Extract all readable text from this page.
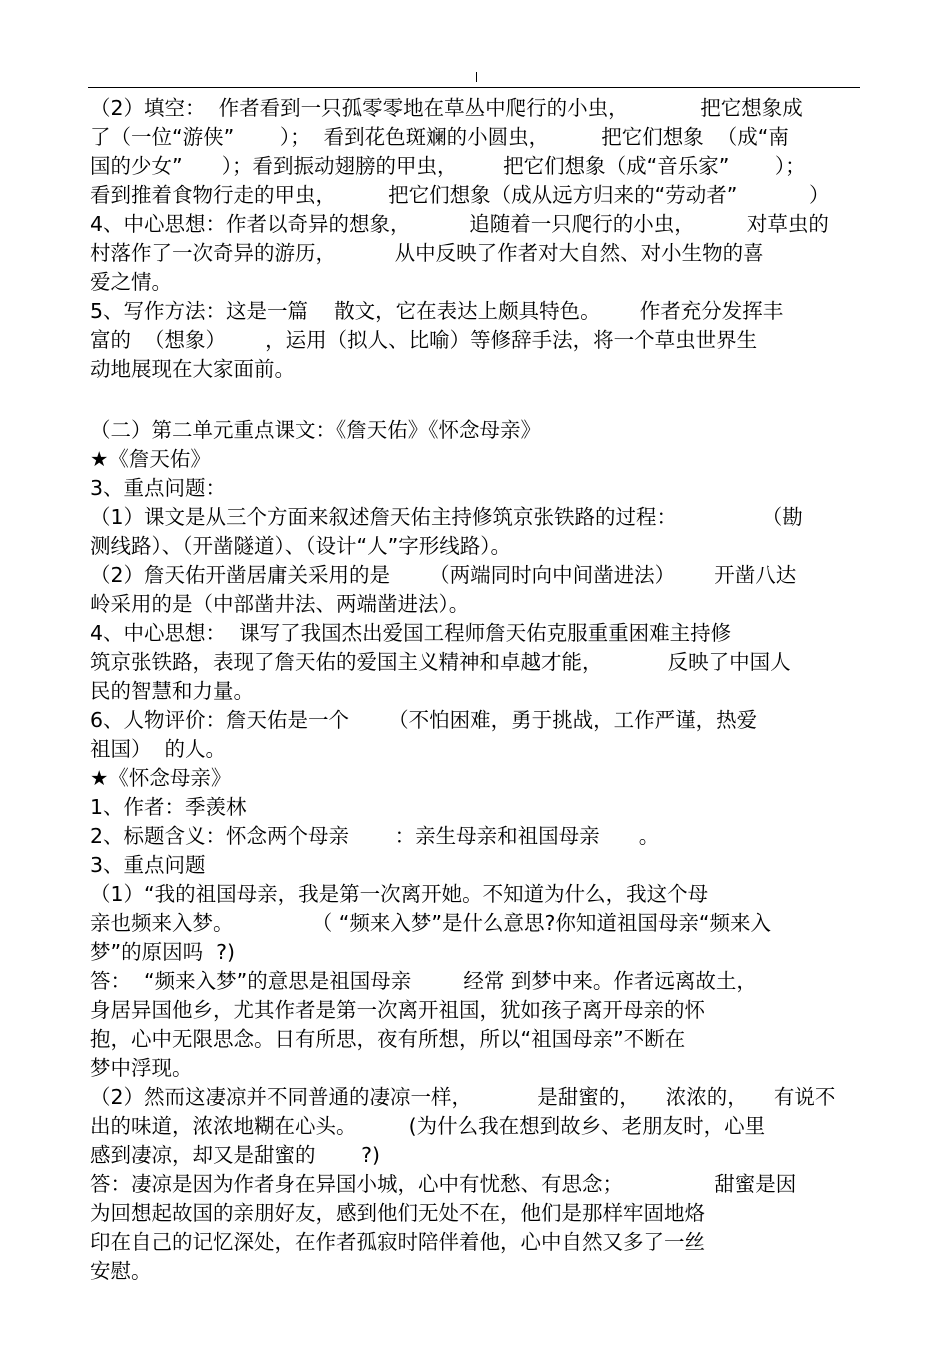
（2）填空：  作者看到一只孤零零地在草丛中爬行的小虫，           把它想象成
了（一位“游侠”       ）；  看到花色斑斓的小圆虫，        把它们想象  （成“南
国的少女”      ）；看到振动翅膀的甲虫，       把它们想象（成“音乐家”       ）；
看到推着食物行走的甲虫，        把它们想象（成从远方归来的“劳动者”           ）
4、中心思想：作者以奇异的想象，         追随着一只爬行的小虫，        对草虫的
村落作了一次奇异的游历，         从中反映了作者对大自然、对小生物的喜
爱之情。
5、写作方法：这是一篇    散文，它在表达上颇具特色。      作者充分发挥丰
富的  （想象）      ，运用（拟人、比喻）等修辞手法，将一个草虫世界生
动地展现在大家面前。
（二）第二单元重点课文：《詹天佑》《怀念母亲》
★《詹天佑》
3、重点问题：
（1）课文是从三个方面来叙述詹天佑主持修筑京张铁路的过程：             （勘
测线路）、（开凿隧道）、（设计“人”字形线路）。
（2）詹天佑开凿居庸关采用的是      （两端同时向中间凿进法）      开凿八达
岭采用的是（中部凿井法、两端凿进法）。
4、中心思想：  课写了我国杰出爱国工程师詹天佑克服重重困难主持修
筑京张铁路，表现了詹天佑的爱国主义精神和卓越才能，          反映了中国人
民的智慧和力量。
6、人物评价：詹天佑是一个      （不怕困难，勇于挑战，工作严谨，热爱
祖国）  的人。
★《怀念母亲》
1、作者：季羡林
2、标题含义：怀念两个母亲       ：亲生母亲和祖国母亲      。
3、重点问题
（1）“我的祖国母亲，我是第一次离开她。不知道为什么，我这个母
亲也频来入梦。            （ “频来入梦”是什么意思?你知道祖国母亲“频来入
梦”的原因吗  ?)
答：  “频来入梦”的意思是祖国母亲        经常 到梦中来。作者远离故土，
身居异国他乡，尤其作者是第一次离开祖国，犹如孩子离开母亲的怀
抱，心中无限思念。日有所思，夜有所想，所以“祖国母亲”不断在
梦中浮现。
（2）然而这凄凉并不同普通的凄凉一样，          是甜蜜的，    浓浓的，    有说不
出的味道，浓浓地糊在心头。        (为什么我在想到故乡、老朋友时，心里
感到凄凉，却又是甜蜜的       ?)
答：凄凉是因为作者身在异国小城，心中有忧愁、有思念；              甜蜜是因
为回想起故国的亲朋好友，感到他们无处不在，他们是那样牢固地烙
印在自己的记忆深处，在作者孤寂时陪伴着他，心中自然又多了一丝
安慰。
